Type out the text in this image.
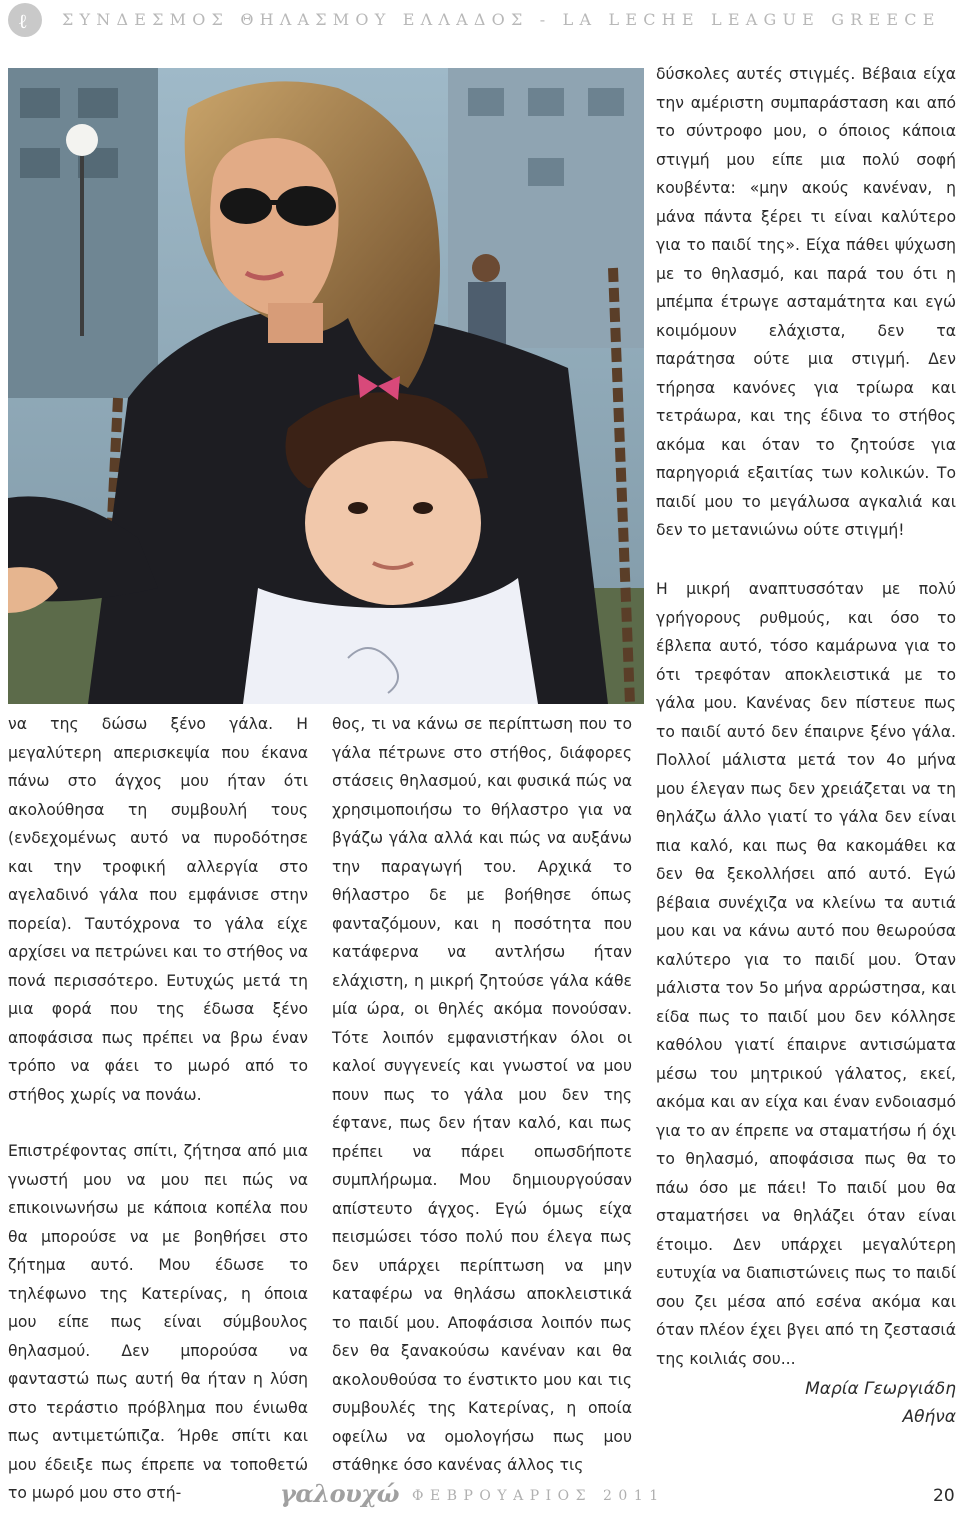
ℓ ΣΥΝΔΕΣΜΟΣ ΘΗΛΑΣΜΟΥ ΕΛΛΑΔΟΣ - LA LECHE LEAGUE GREECE

δύσκολες αυτές στιγμές. Βέβαια είχα την αμέριστη συμπαράσταση και από το σύντροφο μου, ο όποιος κάποια στιγμή μου είπε μια πολύ σοφή κουβέντα: «μην ακούς κανέναν, η μάνα πάντα ξέρει τι είναι καλύτερο για το παιδί της». Είχα πάθει ψύχωση με το θηλασμό, και παρά του ότι η μπέμπα έτρωγε ασταμάτητα και εγώ κοιμόμουν ελάχιστα, δεν τα παράτησα ούτε μια στιγμή. Δεν τήρησα κανόνες για τρίωρα και τετράωρα, και της έδινα το στήθος ακόμα και όταν το ζητούσε για παρηγοριά εξαιτίας των κολικών. Το παιδί μου το μεγάλωσα αγκαλιά και δεν το μετανιώνω ούτε στιγμή!

Η μικρή αναπτυσσόταν με πολύ γρήγορους ρυθμούς, και όσο το έβλεπα αυτό, τόσο καμάρωνα για το ότι τρεφόταν αποκλειστικά με το γάλα μου. Κανένας δεν πίστευε πως το παιδί αυτό δεν έπαιρνε ξένο γάλα. Πολλοί μάλιστα μετά τον 4ο μήνα μου έλεγαν πως δεν χρειάζεται να τη θηλάζω άλλο γιατί το γάλα δεν είναι πια καλό, και πως θα κακομάθει κα δεν θα ξεκολλήσει από αυτό. Εγώ βέβαια συνέχιζα να κλείνω τα αυτιά μου και να κάνω αυτό που θεωρούσα καλύτερο για το παιδί μου. Όταν μάλιστα τον 5ο μήνα αρρώστησα, και είδα πως το παιδί μου δεν κόλλησε καθόλου γιατί έπαιρνε αντισώματα μέσω του μητρικού γάλατος, εκεί, ακόμα και αν είχα και έναν ενδοιασμό για το αν έπρεπε να σταματήσω ή όχι το θηλασμό, αποφάσισα πως θα το πάω όσο με πάει! Το παιδί μου θα σταματήσει να θηλάζει όταν είναι έτοιμο. Δεν υπάρχει μεγαλύτερη ευτυχία να διαπιστώνεις πως το παιδί σου ζει μέσα από εσένα ακόμα και όταν πλέον έχει βγει από τη ζεστασιά της κοιλιάς σου...

να της δώσω ξένο γάλα. Η μεγαλύτερη απερισκεψία που έκανα πάνω στο άγχος μου ήταν ότι ακολούθησα τη συμβουλή τους (ενδεχομένως αυτό να πυροδότησε και την τροφική αλλεργία στο αγελαδινό γάλα που εμφάνισε στην πορεία). Ταυτόχρονα το γάλα είχε αρχίσει να πετρώνει και το στήθος να πονά περισσότερο. Ευτυχώς μετά τη μια φορά που της έδωσα ξένο αποφάσισα πως πρέπει να βρω έναν τρόπο να φάει το μωρό από το στήθος χωρίς να πονάω.

Επιστρέφοντας σπίτι, ζήτησα από μια γνωστή μου να μου πει πώς να επικοινωνήσω με κάποια κοπέλα που θα μπορούσε να με βοηθήσει στο ζήτημα αυτό. Μου έδωσε το τηλέφωνο της Κατερίνας, η όποια μου είπε πως είναι σύμβουλος θηλασμού. Δεν μπορούσα να φανταστώ πως αυτή θα ήταν η λύση στο τεράστιο πρόβλημα που ένιωθα πως αντιμετώπιζα. Ήρθε σπίτι και μου έδειξε πως έπρεπε να τοποθετώ το μωρό μου στο στή-

θος, τι να κάνω σε περίπτωση που το γάλα πέτρωνε στο στήθος, διάφορες στάσεις θηλασμού, και φυσικά πώς να χρησιμοποιήσω το θήλαστρο για να βγάζω γάλα αλλά και πώς να αυξάνω την παραγωγή του. Αρχικά το θήλαστρο δε με βοήθησε όπως φανταζόμουν, και η ποσότητα που κατάφερνα να αντλήσω ήταν ελάχιστη, η μικρή ζητούσε γάλα κάθε μία ώρα, οι θηλές ακόμα πονούσαν. Τότε λοιπόν εμφανιστήκαν όλοι οι καλοί συγγενείς και γνωστοί να μου πουν πως το γάλα μου δεν της έφτανε, πως δεν ήταν καλό, και πως πρέπει να πάρει οπωσδήποτε συμπλήρωμα. Μου δημιουργούσαν απίστευτο άγχος. Εγώ όμως είχα πεισμώσει τόσο πολύ που έλεγα πως δεν υπάρχει περίπτωση να μην καταφέρω να θηλάσω αποκλειστικά το παιδί μου. Αποφάσισα λοιπόν πως δεν θα ξανακούσω κανέναν και θα ακολουθούσα το ένστικτο μου και τις συμβουλές της Κατερίνας, η οποία οφείλω να ομολογήσω πως μου στάθηκε όσο κανένας άλλος τις

Μαρία Γεωργιάδη
Αθήνα
γαλουχώ ΦΕΒΡΟΥΑΡΙΟΣ 2011	20
